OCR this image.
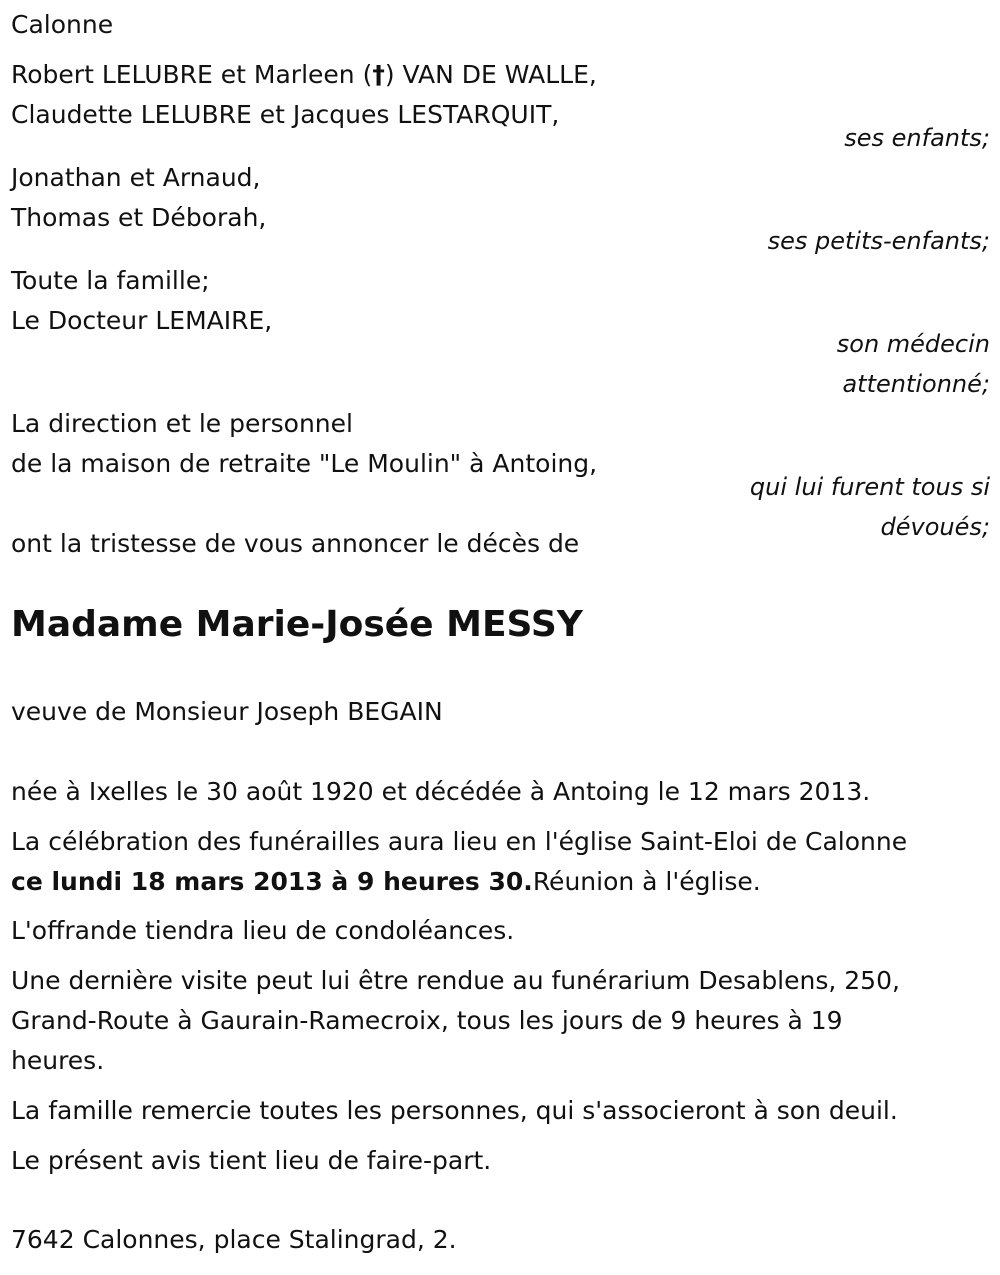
Calonne
Robert LELUBRE et Marleen (†) VAN DE WALLE,
Claudette LELUBRE et Jacques LESTARQUIT,
ses enfants;
Jonathan et Arnaud,
Thomas et Déborah,
ses petits-enfants;
Toute la famille;
Le Docteur LEMAIRE,
son médecin
attentionné;
La direction et le personnel
de la maison de retraite "Le Moulin" à Antoing,
qui lui furent tous si
dévoués;
ont la tristesse de vous annoncer le décès de
Madame Marie-Josée MESSY
veuve de Monsieur Joseph BEGAIN
née à Ixelles le 30 août 1920 et décédée à Antoing le 12 mars 2013.
La célébration des funérailles aura lieu en l'église Saint-Eloi de Calonne
ce lundi 18 mars 2013 à 9 heures 30.Réunion à l'église.
L'offrande tiendra lieu de condoléances.
Une dernière visite peut lui être rendue au funérarium Desablens, 250,
Grand-Route à Gaurain-Ramecroix, tous les jours de 9 heures à 19
heures.
La famille remercie toutes les personnes, qui s'associeront à son deuil.
Le présent avis tient lieu de faire-part.
7642 Calonnes, place Stalingrad, 2.
